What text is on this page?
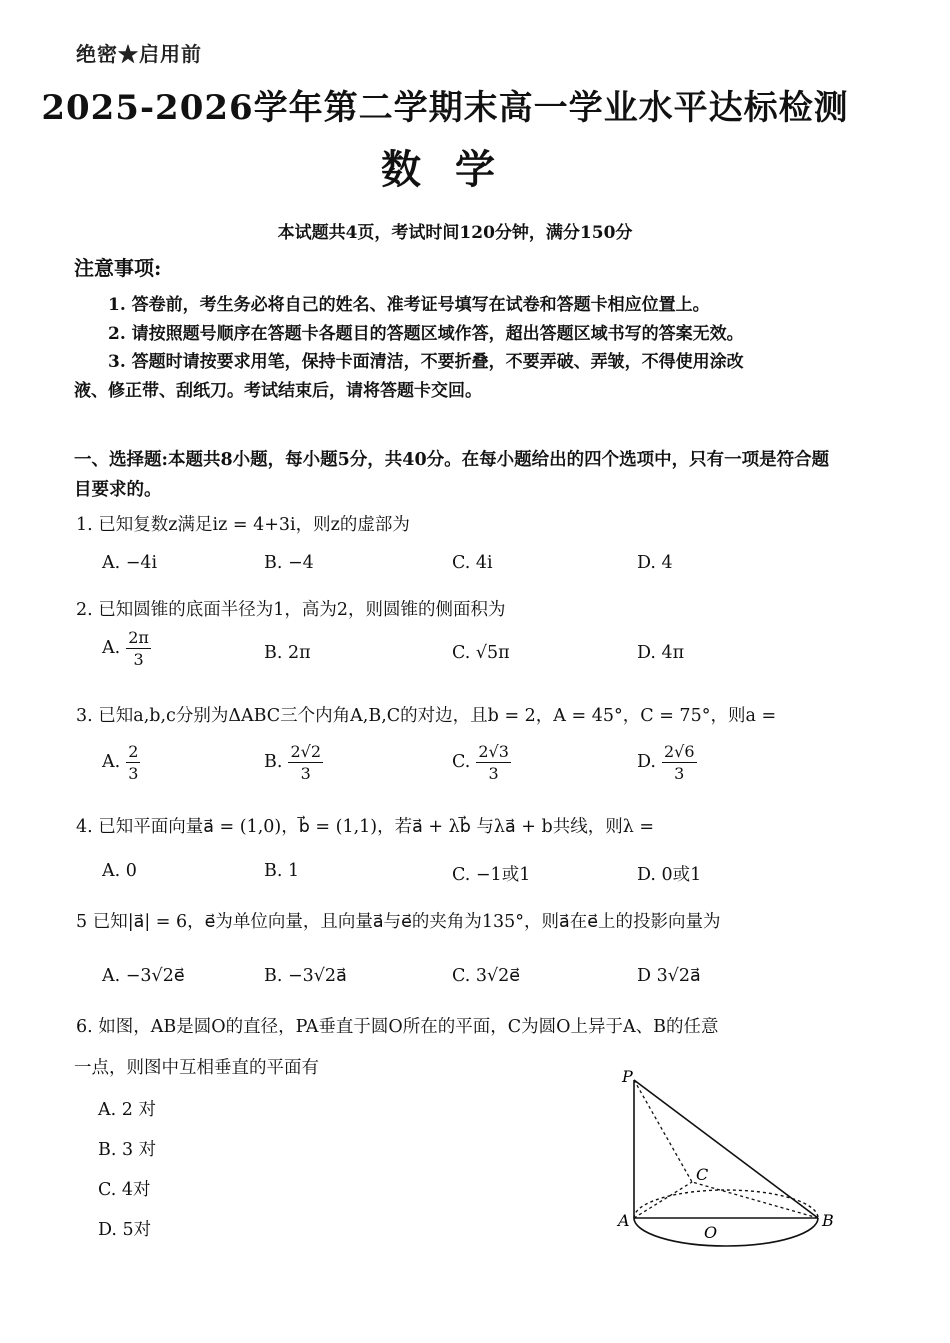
绝密★启用前
2025-2026学年第二学期末高一学业水平达标检测
数学
本试题共4页，考试时间120分钟，满分150分
注意事项:
1. 答卷前，考生务必将自己的姓名、准考证号填写在试卷和答题卡相应位置上。
2. 请按照题号顺序在答题卡各题目的答题区域作答，超出答题区域书写的答案无效。
3. 答题时请按要求用笔，保持卡面清洁，不要折叠，不要弄破、弄皱，不得使用涂改
液、修正带、刮纸刀。考试结束后，请将答题卡交回。
一、选择题:本题共8小题，每小题5分，共40分。在每小题给出的四个选项中，只有一项是符合题目要求的。
1. 已知复数z满足iz = 4+3i，则z的虚部为
A. −4i	B. −4	C. 4i	D. 4
2. 已知圆锥的底面半径为1，高为2，则圆锥的侧面积为
A. $\frac{2\pi}{3}$	B. 2π	C. √5π	D. 4π
3. 已知a,b,c分别为ΔABC三个内角A,B,C的对边，且b = 2，A = 45°，C = 75°，则a =
A. $\frac{2}{3}$	B. $\frac{2√2}{3}$	C. $\frac{2√3}{3}$	D. $\frac{2√6}{3}$
4. 已知平面向量a⃗ = (1,0)，b⃗ = (1,1)，若a⃗ + λb⃗ 与λa⃗ + b共线，则λ =
A. 0	B. 1	C. −1或1	D. 0或1
5 已知|a⃗| = 6，e⃗为单位向量，且向量a⃗与e⃗的夹角为135°，则a⃗在e⃗上的投影向量为
A. −3√2e⃗	B. −3√2a⃗	C. 3√2e⃗	D 3√2a⃗
6. 如图，AB是圆O的直径，PA垂直于圆O所在的平面，C为圆O上异于A、B的任意
一点，则图中互相垂直的平面有
A. 2 对
B. 3 对
C. 4对
D. 5对
P
A	B
C
O
